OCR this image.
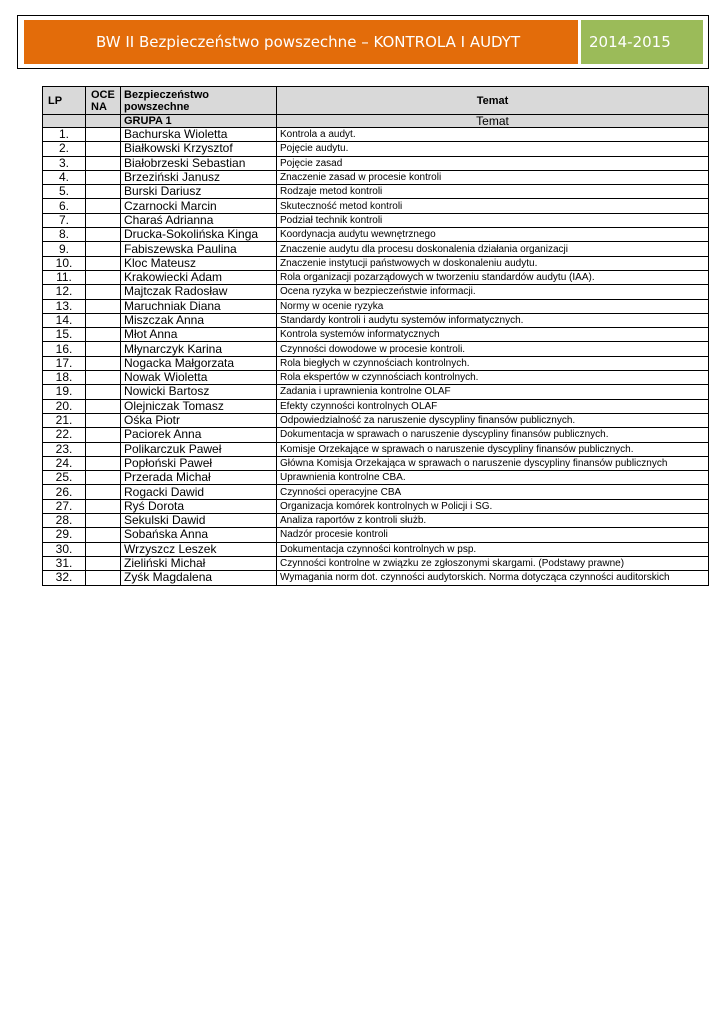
BW II Bezpieczeństwo powszechne – KONTROLA I AUDYT	2014-2015
LP	OCE NA	Bezpieczeństwo powszechne	Temat
		GRUPA 1	Temat
1.		Bachurska Wioletta	Kontrola a audyt.
2.		Białkowski Krzysztof	Pojęcie audytu.
3.		Białobrzeski Sebastian	Pojęcie zasad
4.		Brzeziński Janusz	Znaczenie zasad w procesie kontroli
5.		Burski Dariusz	Rodzaje metod kontroli
6.		Czarnocki Marcin	Skuteczność metod kontroli
7.		Charaś Adrianna	Podział technik kontroli
8.		Drucka-Sokolińska Kinga	Koordynacja audytu wewnętrznego
9.		Fabiszewska Paulina	Znaczenie audytu dla procesu doskonalenia działania organizacji
10.		Kloc Mateusz	Znaczenie instytucji państwowych w doskonaleniu audytu.
11.		Krakowiecki Adam	Rola organizacji pozarządowych w tworzeniu standardów audytu (IAA).
12.		Majtczak Radosław	Ocena ryzyka w bezpieczeństwie informacji.
13.		Maruchniak Diana	Normy w ocenie ryzyka
14.		Miszczak Anna	Standardy kontroli i audytu systemów informatycznych.
15.		Młot Anna	Kontrola systemów informatycznych
16.		Młynarczyk Karina	Czynności dowodowe w procesie kontroli.
17.		Nogacka Małgorzata	Rola biegłych w czynnościach kontrolnych.
18.		Nowak Wioletta	Rola ekspertów w czynnościach kontrolnych.
19.		Nowicki Bartosz	Zadania i uprawnienia kontrolne OLAF
20.		Olejniczak Tomasz	Efekty czynności kontrolnych OLAF
21.		Ośka Piotr	Odpowiedzialność za naruszenie dyscypliny finansów publicznych.
22.		Paciorek Anna	Dokumentacja w sprawach o naruszenie dyscypliny finansów publicznych.
23.		Polikarczuk Paweł	Komisje Orzekające w sprawach o naruszenie dyscypliny finansów publicznych.
24.		Popłoński Paweł	Główna Komisja Orzekająca w sprawach o naruszenie dyscypliny finansów publicznych
25.		Przerada Michał	Uprawnienia kontrolne CBA.
26.		Rogacki Dawid	Czynności operacyjne CBA
27.		Ryś Dorota	Organizacja komórek kontrolnych w Policji i SG.
28.		Sekulski Dawid	Analiza raportów z kontroli służb.
29.		Sobańska Anna	Nadzór procesie kontroli
30.		Wrzyszcz Leszek	Dokumentacja czynności kontrolnych w psp.
31.		Zieliński Michał	Czynności kontrolne w związku ze zgłoszonymi skargami. (Podstawy prawne)
32.		Zyśk Magdalena	Wymagania norm dot. czynności audytorskich. Norma dotycząca czynności auditorskich
